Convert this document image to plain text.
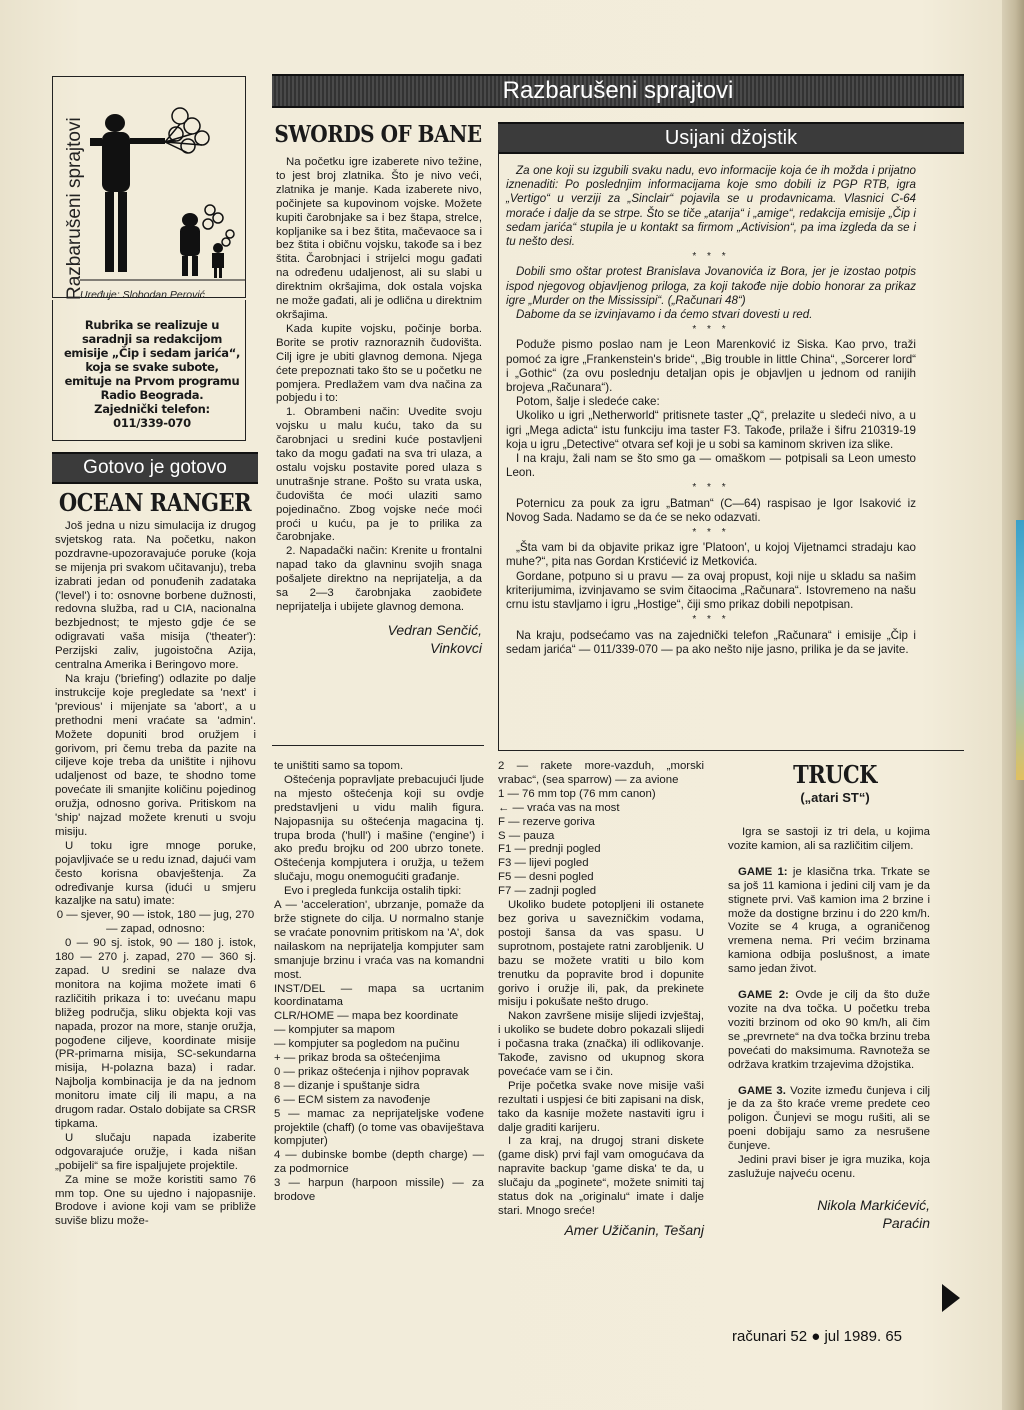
Razbarušeni sprajtovi
Uređuje: Slobodan Perović
Rubrika se realizuje u saradnji sa redakcijom emisije „Čip i sedam jarića“, koja se svake subote, emituje na Prvom programu Radio Beograda.
Zajednički telefon:
011/339-070
Gotovo je gotovo
OCEAN RANGER

Još jedna u nizu simulacija iz drugog svjetskog rata. Na početku, nakon pozdravne-upozoravajuće poruke (koja se mijenja pri svakom učitavanju), treba izabrati jedan od ponuđenih zadataka ('level') i to: osnovne borbene dužnosti, redovna služba, rad u CIA, nacionalna bezbjednost; te mjesto gdje će se odigravati vaša misija ('theater'): Perzijski zaliv, jugoistočna Azija, centralna Amerika i Beringovo more.

Na kraju ('briefing') odlazite po dalje instrukcije koje pregledate sa 'next' i 'previous' i mijenjate sa 'abort', a u prethodni meni vraćate sa 'admin'. Možete dopuniti brod oružjem i gorivom, pri čemu treba da pazite na ciljeve koje treba da uništite i njihovu udaljenost od baze, te shodno tome povećate ili smanjite količinu pojedinog oružja, odnosno goriva. Pritiskom na 'ship' najzad možete krenuti u svoju misiju.

U toku igre mnoge poruke, pojavljivaće se u redu iznad, dajući vam često korisna obavještenja. Za određivanje kursa (idući u smjeru kazaljke na satu) imate:

0 — sjever, 90 — istok, 180 — jug, 270 — zapad, odnosno:

0 — 90 sj. istok, 90 — 180 j. istok, 180 — 270 j. zapad, 270 — 360 sj. zapad. U sredini se nalaze dva monitora na kojima možete imati 6 različitih prikaza i to: uvećanu mapu bližeg područja, sliku objekta koji vas napada, prozor na more, stanje oružja, pogođene ciljeve, koordinate misije (PR-primarna misija, SC-sekundarna misija, H-polazna baza) i radar. Najbolja kombinacija je da na jednom monitoru imate cilj ili mapu, a na drugom radar. Ostalo dobijate sa CRSR tipkama.

U slučaju napada izaberite odgovarajuće oružje, i kada nišan „pobijeli“ sa fire ispaljujete projektile.

Za mine se može koristiti samo 76 mm top. One su ujedno i najopasnije. Brodove i avione koji vam se približe suviše blizu može-

Razbarušeni sprajtovi
SWORDS OF BANE

Na početku igre izaberete nivo težine, to jest broj zlatnika. Što je nivo veći, zlatnika je manje. Kada izaberete nivo, počinjete sa kupovinom vojske. Možete kupiti čarobnjake sa i bez štapa, strelce, kopljanike sa i bez štita, mačevaoce sa i bez štita i običnu vojsku, takođe sa i bez štita. Čarobnjaci i strijelci mogu gađati na određenu udaljenost, ali su slabi u direktnim okršajima, dok ostala vojska ne može gađati, ali je odlična u direktnim okršajima.

Kada kupite vojsku, počinje borba. Borite se protiv raznoraznih čudovišta. Cilj igre je ubiti glavnog demona. Njega ćete prepoznati tako što se u početku ne pomjera. Predlažem vam dva načina za pobjedu i to:

1. Obrambeni način: Uvedite svoju vojsku u malu kuću, tako da su čarobnjaci u sredini kuće postavljeni tako da mogu gađati na sva tri ulaza, a ostalu vojsku postavite pored ulaza s unutrašnje strane. Pošto su vrata uska, čudovišta će moći ulaziti samo pojedinačno. Zbog vojske neće moći proći u kuću, pa je to prilika za čarobnjake.

2. Napadački način: Krenite u frontalni napad tako da glavninu svojih snaga pošaljete direktno na neprijatelja, a da sa 2—3 čarobnjaka zaobiđete neprijatelja i ubijete glavnog demona.

Vedran Senčić,
Vinkovci
Usijani džojstik

Za one koji su izgubili svaku nadu, evo informacije koja će ih možda i prijatno iznenaditi: Po poslednjim informacijama koje smo dobili iz PGP RTB, igra „Vertigo“ u verziji za „Sinclair“ pojavila se u prodavnicama. Vlasnici C-64 moraće i dalje da se strpe. Što se tiče „atarija“ i „amige“, redakcija emisije „Čip i sedam jarića“ stupila je u kontakt sa firmom „Activision“, pa ima izgleda da se i tu nešto desi.

* * *

Dobili smo oštar protest Branislava Jovanovića iz Bora, jer je izostao potpis ispod njegovog objavljenog priloga, za koji takođe nije dobio honorar za prikaz igre „Murder on the Mississipi“. („Računari 48“)

Dabome da se izvinjavamo i da ćemo stvari dovesti u red.

* * *

Poduže pismo poslao nam je Leon Marenković iz Siska. Kao prvo, traži pomoć za igre „Frankenstein's bride“, „Big trouble in little China“, „Sorcerer lord“ i „Gothic“ (za ovu poslednju detaljan opis je objavljen u jednom od ranijih brojeva „Računara“).

Potom, šalje i sledeće cake:

Ukoliko u igri „Netherworld“ pritisnete taster „Q“, prelazite u sledeći nivo, a u igri „Mega adicta“ istu funkciju ima taster F3. Takođe, prilaže i šifru 210319-19 koja u igru „Detective“ otvara sef koji je u sobi sa kaminom skriven iza slike.

I na kraju, žali nam se što smo ga — omaškom — potpisali sa Leon umesto Leon.

* * *

Poternicu za pouk za igru „Batman“ (C—64) raspisao je Igor Isaković iz Novog Sada. Nadamo se da će se neko odazvati.

* * *

„Šta vam bi da objavite prikaz igre 'Platoon', u kojoj Vijetnamci stradaju kao muhe?“, pita nas Gordan Krstićević iz Metkovića.

Gordane, potpuno si u pravu — za ovaj propust, koji nije u skladu sa našim kriterijumima, izvinjavamo se svim čitaocima „Računara“. Istovremeno na našu crnu istu stavljamo i igru „Hostige“, čiji smo prikaz dobili nepotpisan.

* * *

Na kraju, podsećamo vas na zajednički telefon „Računara“ i emisije „Čip i sedam jarića“ — 011/339-070 — pa ako nešto nije jasno, prilika je da se javite.

te uništiti samo sa topom.

Oštećenja popravljate prebacujući ljude na mjesto oštećenja koji su ovdje predstavljeni u vidu malih figura. Najopasnija su oštećenja magacina tj. trupa broda ('hull') i mašine ('engine') i ako pređu brojku od 200 ubrzo tonete. Oštećenja kompjutera i oružja, u težem slučaju, mogu onemogućiti građanje.

Evo i pregleda funkcija ostalih tipki:

A — 'acceleration', ubrzanje, pomaže da brže stignete do cilja. U normalno stanje se vraćate ponovnim pritiskom na 'A', dok nailaskom na neprijatelja kompjuter sam smanjuje brzinu i vraća vas na komandni most.

INST/DEL — mapa sa ucrtanim koordinatama

CLR/HOME — mapa bez koordinate

— kompjuter sa mapom

— kompjuter sa pogledom na pučinu

+ — prikaz broda sa oštećenjima

0 — prikaz oštećenja i njihov popravak

8 — dizanje i spuštanje sidra

6 — ECM sistem za navođenje

5 — mamac za neprijateljske vođene projektile (chaff) (o tome vas obaviještava kompjuter)

4 — dubinske bombe (depth charge) — za podmornice

3 — harpun (harpoon missile) — za brodove

2 — rakete more-vazduh, „morski vrabac“, (sea sparrow) — za avione

1 — 76 mm top (76 mm canon)

← — vraća vas na most

F — rezerve goriva

S — pauza

F1 — prednji pogled

F3 — lijevi pogled

F5 — desni pogled

F7 — zadnji pogled

Ukoliko budete potopljeni ili ostanete bez goriva u savezničkim vodama, postoji šansa da vas spasu. U suprotnom, postajete ratni zarobljenik. U bazu se možete vratiti u bilo kom trenutku da popravite brod i dopunite gorivo i oružje ili, pak, da prekinete misiju i pokušate nešto drugo.

Nakon završene misije slijedi izvještaj, i ukoliko se budete dobro pokazali slijedi i počasna traka (značka) ili odlikovanje. Takođe, zavisno od ukupnog skora povećaće vam se i čin.

Prije početka svake nove misije vaši rezultati i uspjesi će biti zapisani na disk, tako da kasnije možete nastaviti igru i dalje graditi karijeru.

I za kraj, na drugoj strani diskete (game disk) prvi fajl vam omogućava da napravite backup 'game diska' te da, u slučaju da „poginete“, možete snimiti taj status dok na „originalu“ imate i dalje stari. Mnogo sreće!

Amer Užičanin, Tešanj
TRUCK
(„atari ST“)

Igra se sastoji iz tri dela, u kojima vozite kamion, ali sa različitim ciljem.

GAME 1: je klasična trka. Trkate se sa još 11 kamiona i jedini cilj vam je da stignete prvi. Vaš kamion ima 2 brzine i može da dostigne brzinu i do 220 km/h. Vozite se 4 kruga, a ograničenog vremena nema. Pri većim brzinama kamiona odbija poslušnost, a imate samo jedan život.

GAME 2: Ovde je cilj da što duže vozite na dva točka. U početku treba voziti brzinom od oko 90 km/h, ali čim se „prevrnete“ na dva točka brzinu treba povećati do maksimuma. Ravnoteža se održava kratkim trzajevima džojstika.

GAME 3. Vozite između čunjeva i cilj je da za što kraće vreme predete ceo poligon. Čunjevi se mogu rušiti, ali se poeni dobijaju samo za nesrušene čunjeve.

Jedini pravi biser je igra muzika, koja zaslužuje najveću ocenu.

Nikola Markićević,
Paraćin
računari 52 ● jul 1989. 65
